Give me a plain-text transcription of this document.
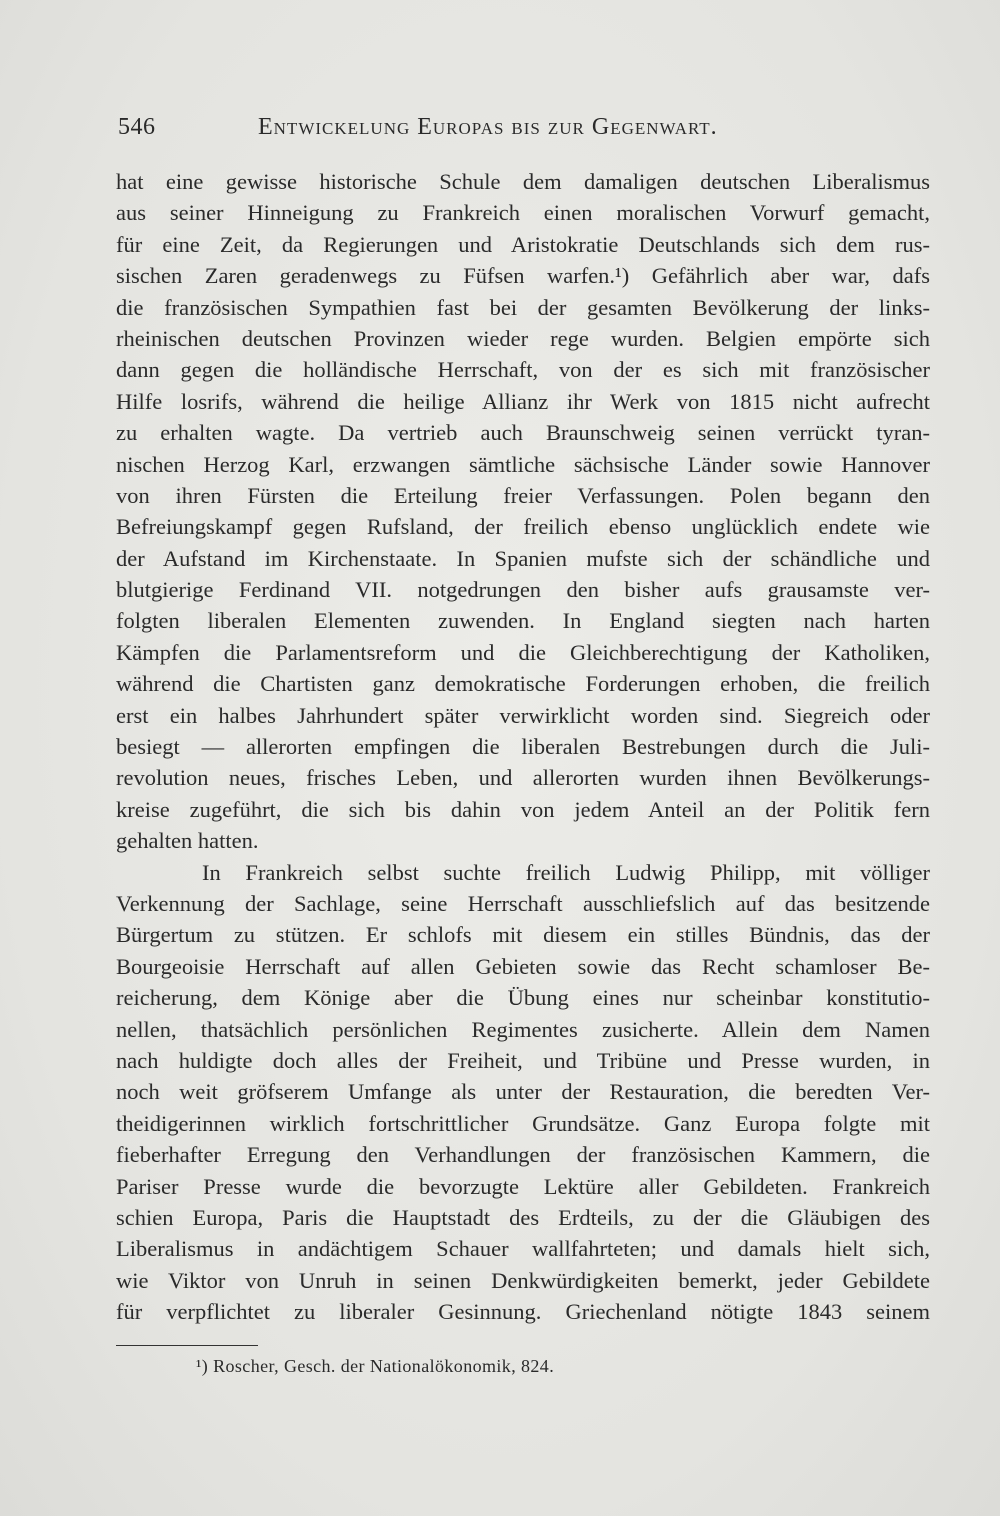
546	Entwickelung Europas bis zur Gegenwart.
hat eine gewisse historische Schule dem damaligen deutschen Liberalismus
aus seiner Hinneigung zu Frankreich einen moralischen Vorwurf gemacht,
für eine Zeit, da Regierungen und Aristokratie Deutschlands sich dem rus-
sischen Zaren geradenwegs zu Füfsen warfen.¹) Gefährlich aber war, dafs
die französischen Sympathien fast bei der gesamten Bevölkerung der links-
rheinischen deutschen Provinzen wieder rege wurden. Belgien empörte sich
dann gegen die holländische Herrschaft, von der es sich mit französischer
Hilfe losrifs, während die heilige Allianz ihr Werk von 1815 nicht aufrecht
zu erhalten wagte. Da vertrieb auch Braunschweig seinen verrückt tyran-
nischen Herzog Karl, erzwangen sämtliche sächsische Länder sowie Hannover
von ihren Fürsten die Erteilung freier Verfassungen. Polen begann den
Befreiungskampf gegen Rufsland, der freilich ebenso unglücklich endete wie
der Aufstand im Kirchenstaate. In Spanien mufste sich der schändliche und
blutgierige Ferdinand VII. notgedrungen den bisher aufs grausamste ver-
folgten liberalen Elementen zuwenden. In England siegten nach harten
Kämpfen die Parlamentsreform und die Gleichberechtigung der Katholiken,
während die Chartisten ganz demokratische Forderungen erhoben, die freilich
erst ein halbes Jahrhundert später verwirklicht worden sind. Siegreich oder
besiegt — allerorten empfingen die liberalen Bestrebungen durch die Juli-
revolution neues, frisches Leben, und allerorten wurden ihnen Bevölkerungs-
kreise zugeführt, die sich bis dahin von jedem Anteil an der Politik fern
gehalten hatten.
In Frankreich selbst suchte freilich Ludwig Philipp, mit völliger
Verkennung der Sachlage, seine Herrschaft ausschliefslich auf das besitzende
Bürgertum zu stützen. Er schlofs mit diesem ein stilles Bündnis, das der
Bourgeoisie Herrschaft auf allen Gebieten sowie das Recht schamloser Be-
reicherung, dem Könige aber die Übung eines nur scheinbar konstitutio-
nellen, thatsächlich persönlichen Regimentes zusicherte. Allein dem Namen
nach huldigte doch alles der Freiheit, und Tribüne und Presse wurden, in
noch weit gröfserem Umfange als unter der Restauration, die beredten Ver-
theidigerinnen wirklich fortschrittlicher Grundsätze. Ganz Europa folgte mit
fieberhafter Erregung den Verhandlungen der französischen Kammern, die
Pariser Presse wurde die bevorzugte Lektüre aller Gebildeten. Frankreich
schien Europa, Paris die Hauptstadt des Erdteils, zu der die Gläubigen des
Liberalismus in andächtigem Schauer wallfahrteten; und damals hielt sich,
wie Viktor von Unruh in seinen Denkwürdigkeiten bemerkt, jeder Gebildete
für verpflichtet zu liberaler Gesinnung. Griechenland nötigte 1843 seinem
¹) Roscher, Gesch. der Nationalökonomik, 824.
